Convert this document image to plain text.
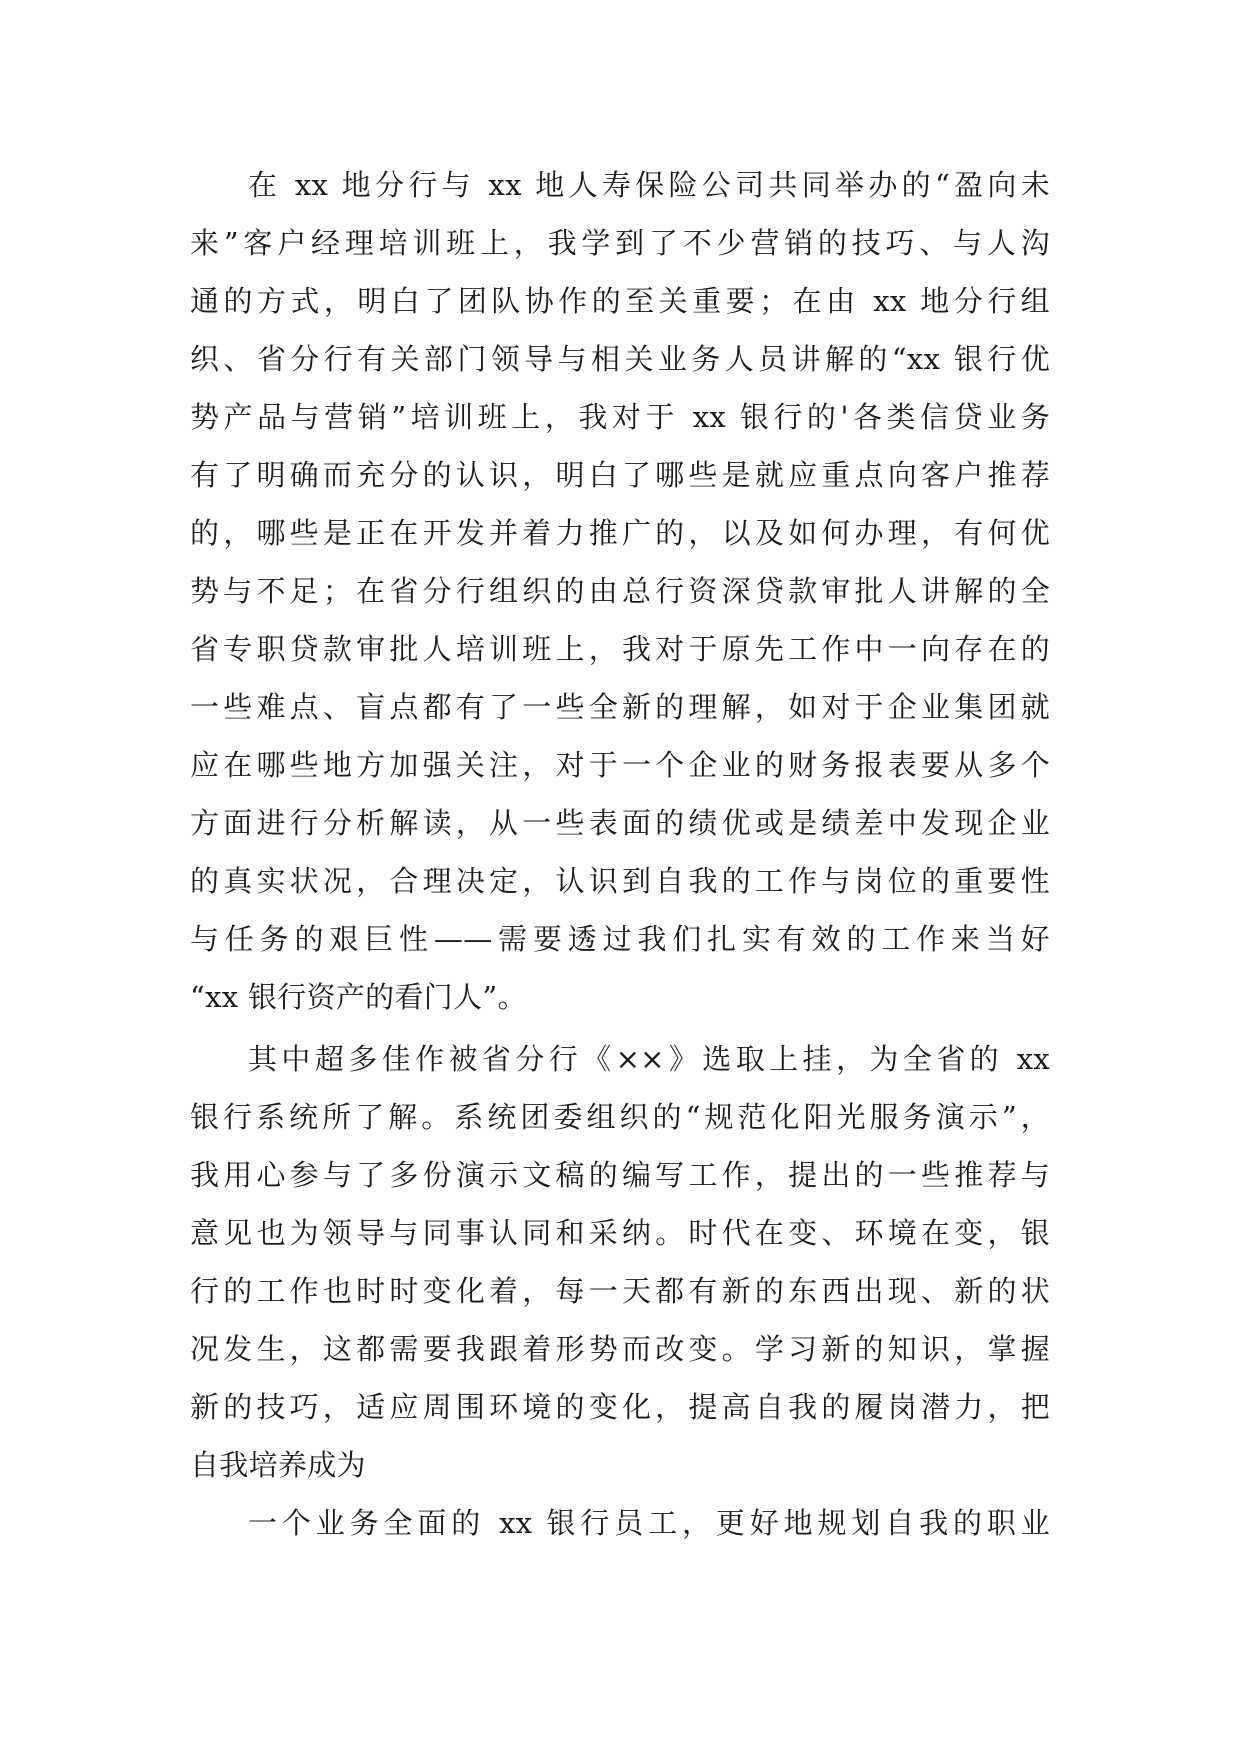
在 xx 地分行与 xx 地人寿保险公司共同举办的“盈向未
来”客户经理培训班上，我学到了不少营销的技巧、与人沟
通的方式，明白了团队协作的至关重要；在由 xx 地分行组
织、省分行有关部门领导与相关业务人员讲解的“xx 银行优
势产品与营销”培训班上，我对于 xx 银行的'各类信贷业务
有了明确而充分的认识，明白了哪些是就应重点向客户推荐
的，哪些是正在开发并着力推广的，以及如何办理，有何优
势与不足；在省分行组织的由总行资深贷款审批人讲解的全
省专职贷款审批人培训班上，我对于原先工作中一向存在的
一些难点、盲点都有了一些全新的理解，如对于企业集团就
应在哪些地方加强关注，对于一个企业的财务报表要从多个
方面进行分析解读，从一些表面的绩优或是绩差中发现企业
的真实状况，合理决定，认识到自我的工作与岗位的重要性
与任务的艰巨性——需要透过我们扎实有效的工作来当好
“xx 银行资产的看门人”。
其中超多佳作被省分行《××》选取上挂，为全省的 xx
银行系统所了解。系统团委组织的“规范化阳光服务演示”，
我用心参与了多份演示文稿的编写工作，提出的一些推荐与
意见也为领导与同事认同和采纳。时代在变、环境在变，银
行的工作也时时变化着，每一天都有新的东西出现、新的状
况发生，这都需要我跟着形势而改变。学习新的知识，掌握
新的技巧，适应周围环境的变化，提高自我的履岗潜力，把
自我培养成为
一个业务全面的 xx 银行员工，更好地规划自我的职业
